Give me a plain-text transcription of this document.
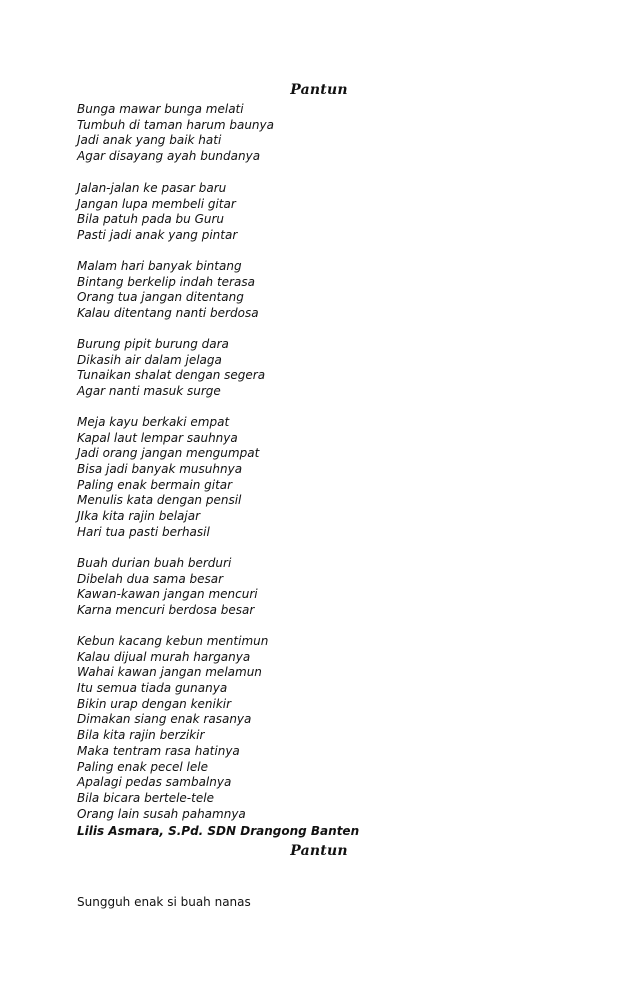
Pantun
Bunga mawar bunga melati
Tumbuh di taman harum baunya
Jadi anak yang baik hati
Agar disayang ayah bundanya
Jalan-jalan ke pasar baru
Jangan lupa membeli gitar
Bila patuh pada bu Guru
Pasti jadi anak yang pintar
Malam hari banyak bintang
Bintang berkelip indah terasa
Orang tua jangan ditentang
Kalau ditentang nanti berdosa
Burung pipit burung dara
Dikasih air dalam jelaga
Tunaikan shalat dengan segera
Agar nanti masuk surge
Meja kayu berkaki empat
Kapal laut lempar sauhnya
Jadi orang jangan mengumpat
Bisa jadi banyak musuhnya
Paling enak bermain gitar
Menulis kata dengan pensil
JIka kita rajin belajar
Hari tua pasti berhasil
Buah durian buah berduri
Dibelah dua sama besar
Kawan-kawan jangan mencuri
Karna mencuri berdosa besar
Kebun kacang kebun mentimun
Kalau dijual murah harganya
Wahai kawan jangan melamun
Itu semua tiada gunanya
Bikin urap dengan kenikir
Dimakan siang enak rasanya
Bila kita rajin berzikir
Maka tentram rasa hatinya
Paling enak pecel lele
Apalagi pedas sambalnya
Bila bicara bertele-tele
Orang lain susah pahamnya
Lilis Asmara, S.Pd. SDN Drangong Banten
Pantun
Sungguh enak si buah nanas
